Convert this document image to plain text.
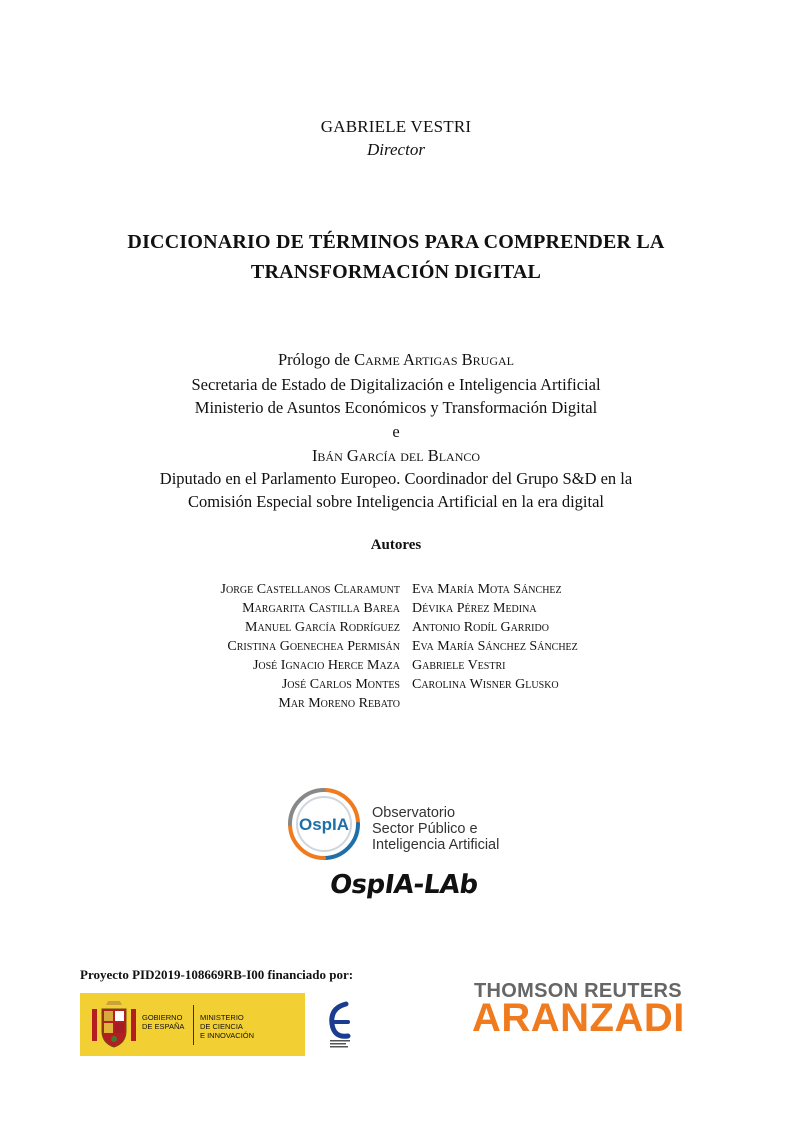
GABRIELE VESTRI
Director
DICCIONARIO DE TÉRMINOS PARA COMPRENDER LA
TRANSFORMACIÓN DIGITAL
Prólogo de Carme Artigas Brugal
Secretaria de Estado de Digitalización e Inteligencia Artificial
Ministerio de Asuntos Económicos y Transformación Digital
e
Ibán García del Blanco
Diputado en el Parlamento Europeo. Coordinador del Grupo S&D en la
Comisión Especial sobre Inteligencia Artificial en la era digital
Autores
Jorge Castellanos Claramunt
Margarita Castilla Barea
Manuel García Rodríguez
Cristina Goenechea Permisán
José Ignacio Herce Maza
José Carlos Montes
Mar Moreno Rebato
Eva María Mota Sánchez
Dévika Pérez Medina
Antonio Rodíl Garrido
Eva María Sánchez Sánchez
Gabriele Vestri
Carolina Wisner Glusko
OspIA
Observatorio
Sector Público e
Inteligencia Artificial
OspIA-LAb
Proyecto PID2019-108669RB-I00 financiado por:
GOBIERNO
DE ESPAÑA
MINISTERIO
DE CIENCIA
E INNOVACIÓN
THOMSON REUTERS
ARANZADI
